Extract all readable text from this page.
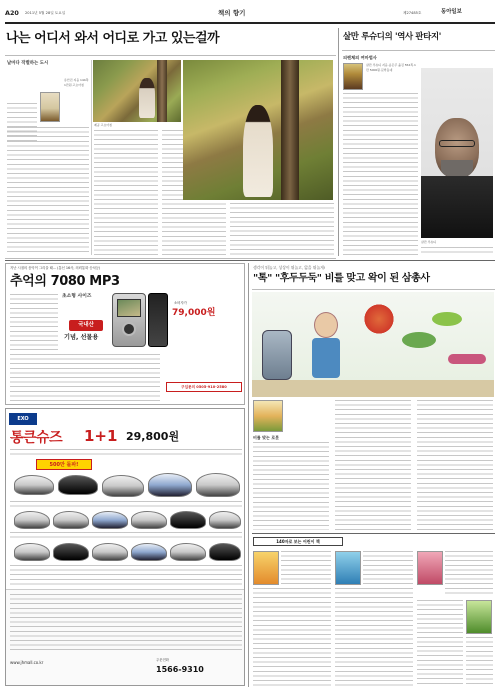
A20 2011년 5월 28일 토요일	책의 향기	제27485호	동아일보
나는 어디서 와서 어디로 가고 있는걸까
날마다 작별하는 도시
유안진 지음 144쪽 1만원·고요아침
제공 고요아침
살만 루슈디의 '역사 판타지'
피렌체의 여마법사
살만 루슈디 지음·송은주 옮김 552쪽·1만 5000원·문학동네
살만 루슈디
지난 시절의 음악이 그리울 때… (통신 16사, 의뢰통화 승차등)
추억의 7080 MP3
초소형 사이즈
국내산
기념, 선물용
소비자가
79,000원
구입문의 0505-910-2580
EXO
통큰슈즈 1+1 29,800원
500만 돌파!
www.jhmall.co.kr	주문전화
1566-9310
생각이 뛰놀고, 상상이 뛰놀고, 앎을 뛰놀게!
"톡" "후두두둑" 비를 맞고 왁이 된 삼총사
비를 맞는 로봇
140자로 보는 어린이 책
